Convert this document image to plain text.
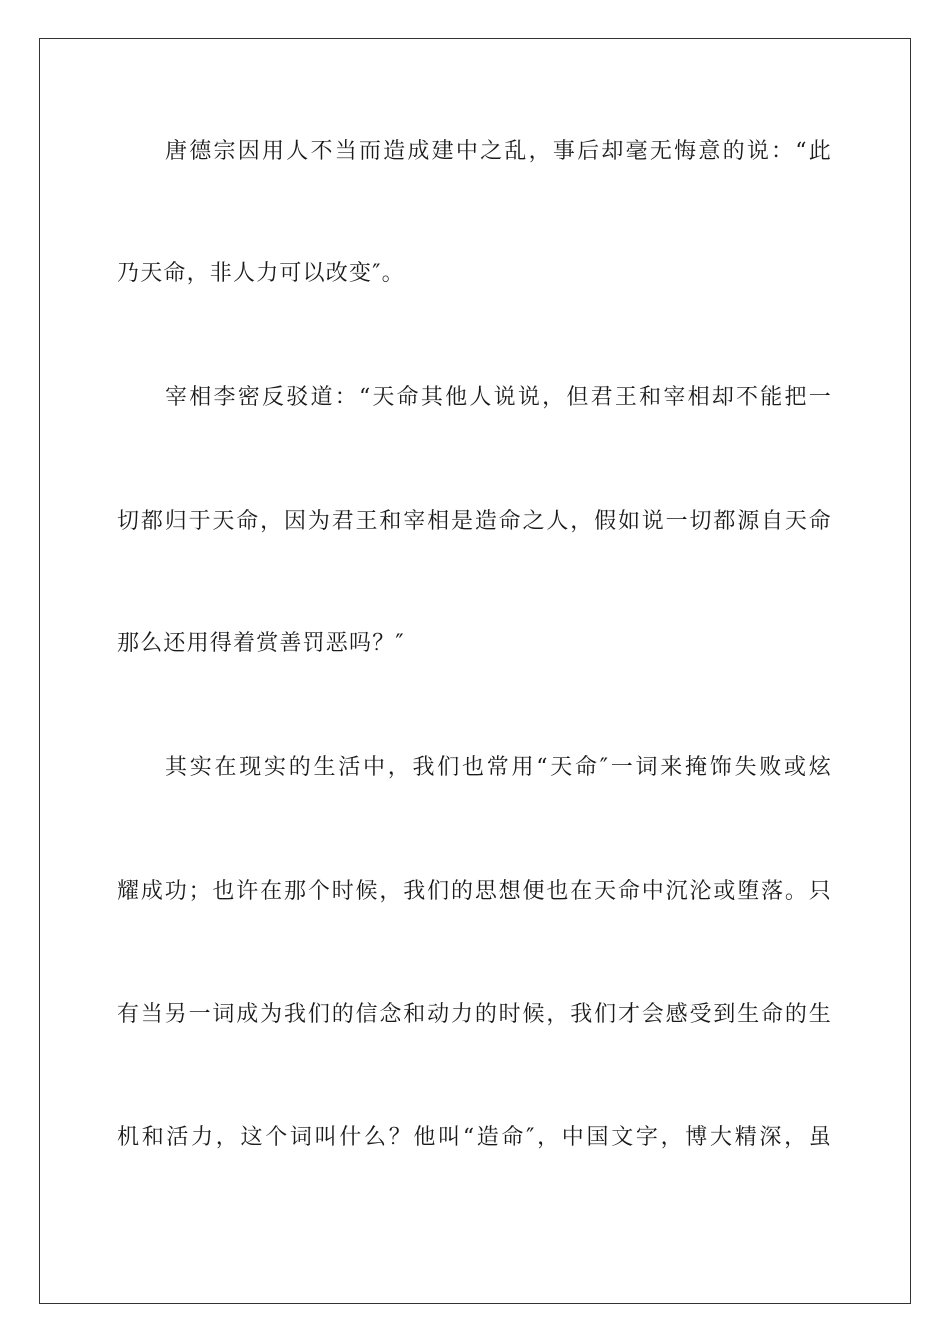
唐德宗因用人不当而造成建中之乱，事后却毫无悔意的说：“此
乃天命，非人力可以改变″。
宰相李密反驳道：“天命其他人说说，但君王和宰相却不能把一
切都归于天命，因为君王和宰相是造命之人，假如说一切都源自天命
那么还用得着赏善罚恶吗？″
其实在现实的生活中，我们也常用“天命″一词来掩饰失败或炫
耀成功；也许在那个时候，我们的思想便也在天命中沉沦或堕落。只
有当另一词成为我们的信念和动力的时候，我们才会感受到生命的生
机和活力，这个词叫什么？他叫“造命″，中国文字，博大精深，虽
